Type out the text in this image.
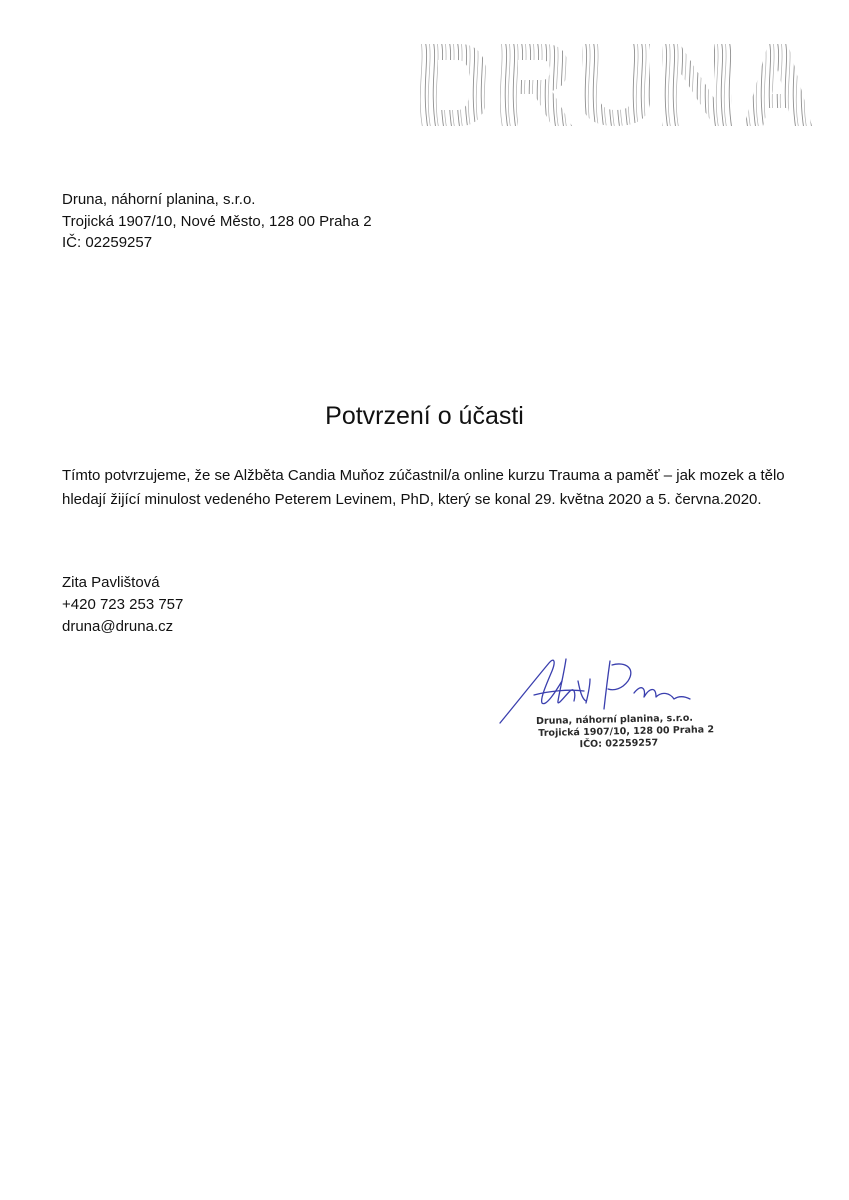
Druna, náhorní planina, s.r.o.
Trojická 1907/10, Nové Město, 128 00 Praha 2
IČ: 02259257
Potvrzení o účasti
Tímto potvrzujeme, že se Alžběta Candia Muňoz zúčastnil/a online kurzu Trauma a paměť – jak mozek a tělo hledají žijící minulost vedeného Peterem Levinem, PhD, který se konal 29. května 2020 a 5. června.2020.
Zita Pavlištová
+420 723 253 757
druna@druna.cz
Druna, náhorní planina, s.r.o.
Trojická 1907/10, 128 00 Praha 2
IČO: 02259257
